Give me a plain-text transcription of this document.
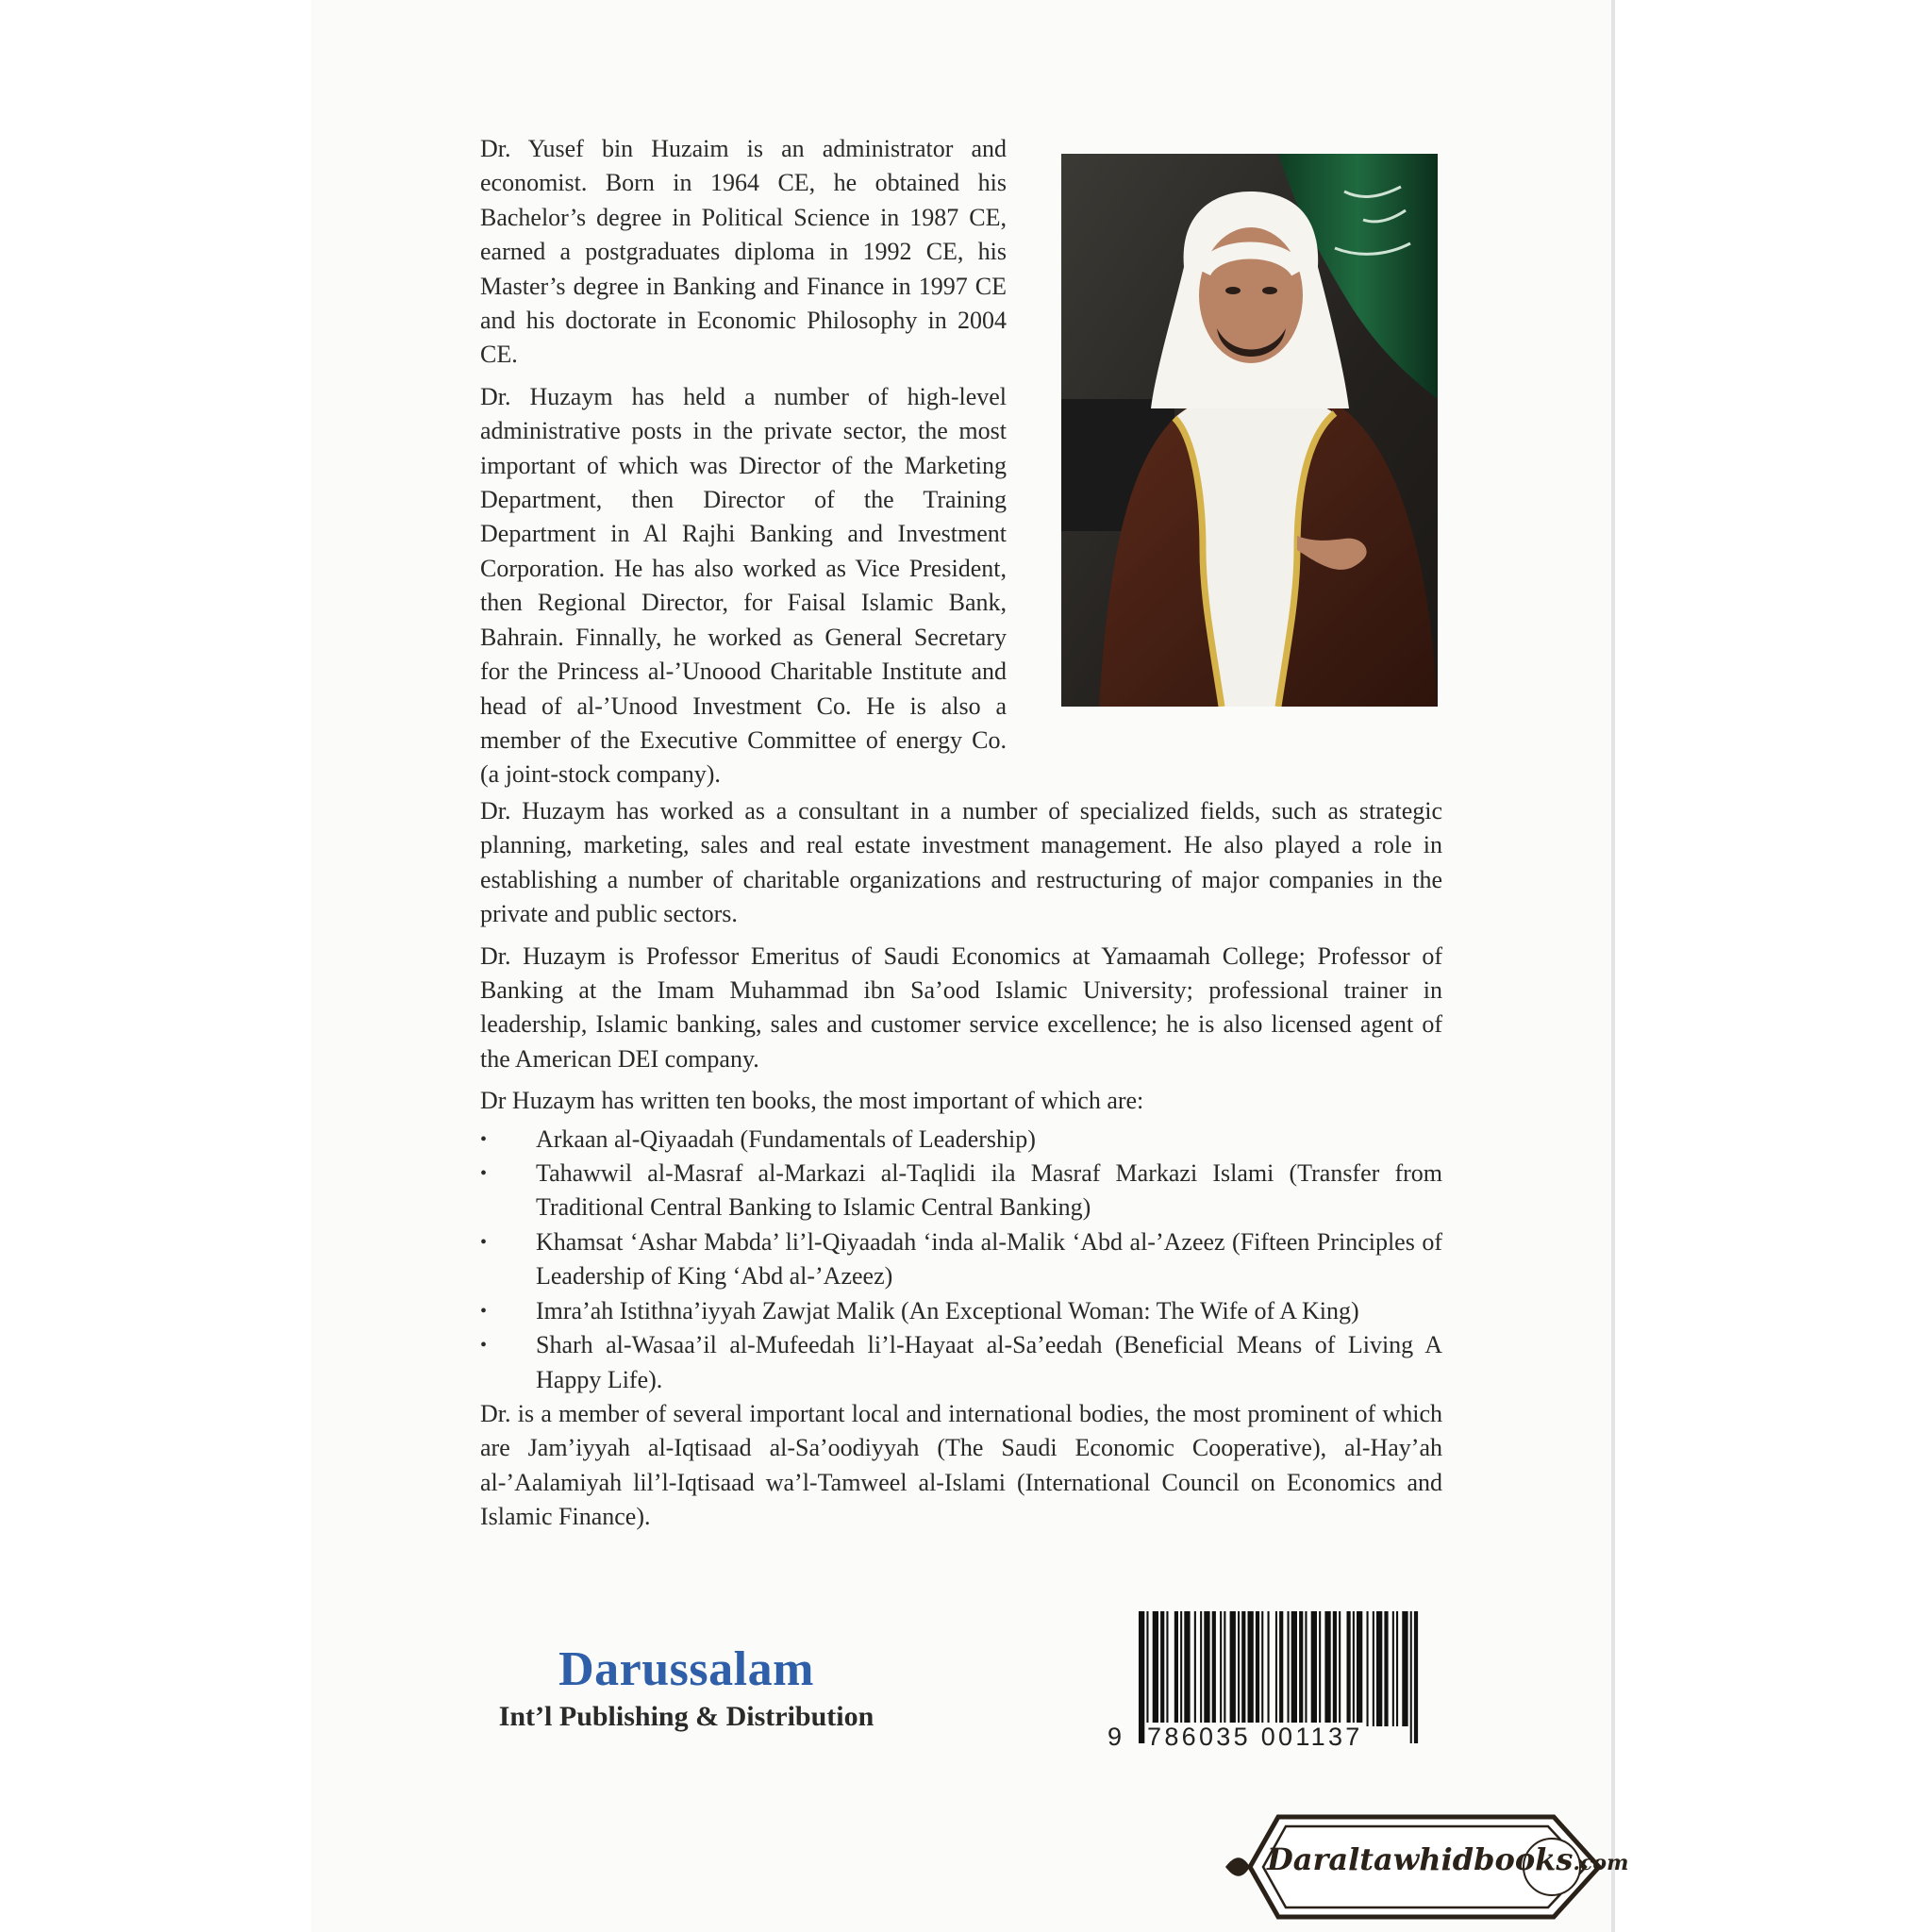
Dr. Yusef bin Huzaim is an administrator and economist. Born in 1964 CE, he obtained his Bachelor’s degree in Political Science in 1987 CE, earned a postgraduates diploma in 1992 CE, his Master’s degree in Banking and Finance in 1997 CE and his doctorate in Economic Philosophy in 2004 CE.

Dr. Huzaym has held a number of high-level administrative posts in the private sector, the most important of which was Director of the Marketing Department, then Director of the Training Department in Al Rajhi Banking and Investment Corporation. He has also worked as Vice President, then Regional Director, for Faisal Islamic Bank, Bahrain. Finnally, he worked as General Secretary for the Princess al-’Unoood Charitable Institute and head of al-’Unood Investment Co. He is also a member of the Executive Committee of energy Co. (a joint-stock company).

Dr. Huzaym has worked as a consultant in a number of specialized fields, such as strategic planning, marketing, sales and real estate investment management. He also played a role in establishing a number of charitable organizations and restructuring of major companies in the private and public sectors.

Dr. Huzaym is Professor Emeritus of Saudi Economics at Yamaamah College; Professor of Banking at the Imam Muhammad ibn Sa’ood Islamic University; professional trainer in leadership, Islamic banking, sales and customer service excellence; he is also licensed agent of the American DEI company.

Dr Huzaym has written ten books, the most important of which are:

• Arkaan al-Qiyaadah (Fundamentals of Leadership)
• Tahawwil al-Masraf al-Markazi al-Taqlidi ila Masraf Markazi Islami (Transfer from Traditional Central Banking to Islamic Central Banking)
• Khamsat ‘Ashar Mabda’ li’l-Qiyaadah ‘inda al-Malik ‘Abd al-’Azeez (Fifteen Principles of Leadership of King ‘Abd al-’Azeez)
• Imra’ah Istithna’iyyah Zawjat Malik (An Exceptional Woman: The Wife of A King)
• Sharh al-Wasaa’il al-Mufeedah li’l-Hayaat al-Sa’eedah (Beneficial Means of Living A Happy Life).

Dr. is a member of several important local and international bodies, the most prominent of which are Jam’iyyah al-Iqtisaad al-Sa’oodiyyah (The Saudi Economic Cooperative), al-Hay’ah al-’Aalamiyah lil’l-Iqtisaad wa’l-Tamweel al-Islami (International Council on Economics and Islamic Finance).

Darussalam
Int’l Publishing & Distribution
9 786035 001137
Daraltawhidbooks.com
